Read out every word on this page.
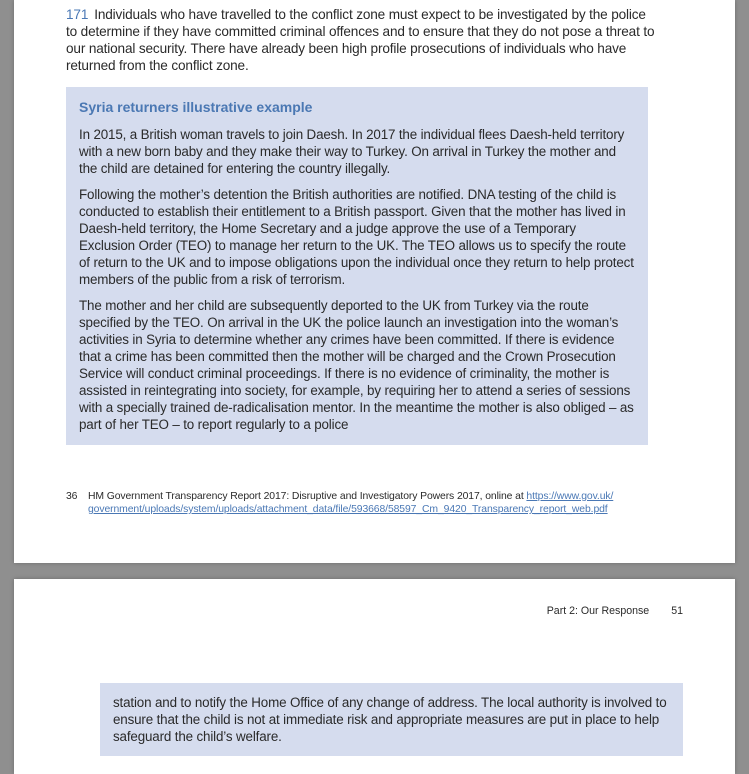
171 Individuals who have travelled to the conflict zone must expect to be investigated by the police to determine if they have committed criminal offences and to ensure that they do not pose a threat to our national security. There have already been high profile prosecutions of individuals who have returned from the conflict zone.
Syria returners illustrative example

In 2015, a British woman travels to join Daesh. In 2017 the individual flees Daesh-held territory with a new born baby and they make their way to Turkey. On arrival in Turkey the mother and the child are detained for entering the country illegally.

Following the mother’s detention the British authorities are notified. DNA testing of the child is conducted to establish their entitlement to a British passport. Given that the mother has lived in Daesh-held territory, the Home Secretary and a judge approve the use of a Temporary Exclusion Order (TEO) to manage her return to the UK. The TEO allows us to specify the route of return to the UK and to impose obligations upon the individual once they return to help protect members of the public from a risk of terrorism.

The mother and her child are subsequently deported to the UK from Turkey via the route specified by the TEO. On arrival in the UK the police launch an investigation into the woman’s activities in Syria to determine whether any crimes have been committed. If there is evidence that a crime has been committed then the mother will be charged and the Crown Prosecution Service will conduct criminal proceedings. If there is no evidence of criminality, the mother is assisted in reintegrating into society, for example, by requiring her to attend a series of sessions with a specially trained de-radicalisation mentor. In the meantime the mother is also obliged – as part of her TEO – to report regularly to a police

36 HM Government Transparency Report 2017: Disruptive and Investigatory Powers 2017, online at https://www.gov.uk/
government/uploads/system/uploads/attachment_data/file/593668/58597_Cm_9420_Transparency_report_web.pdf
Part 2: Our Response 51

station and to notify the Home Office of any change of address. The local authority is involved to ensure that the child is not at immediate risk and appropriate measures are put in place to help safeguard the child’s welfare.
